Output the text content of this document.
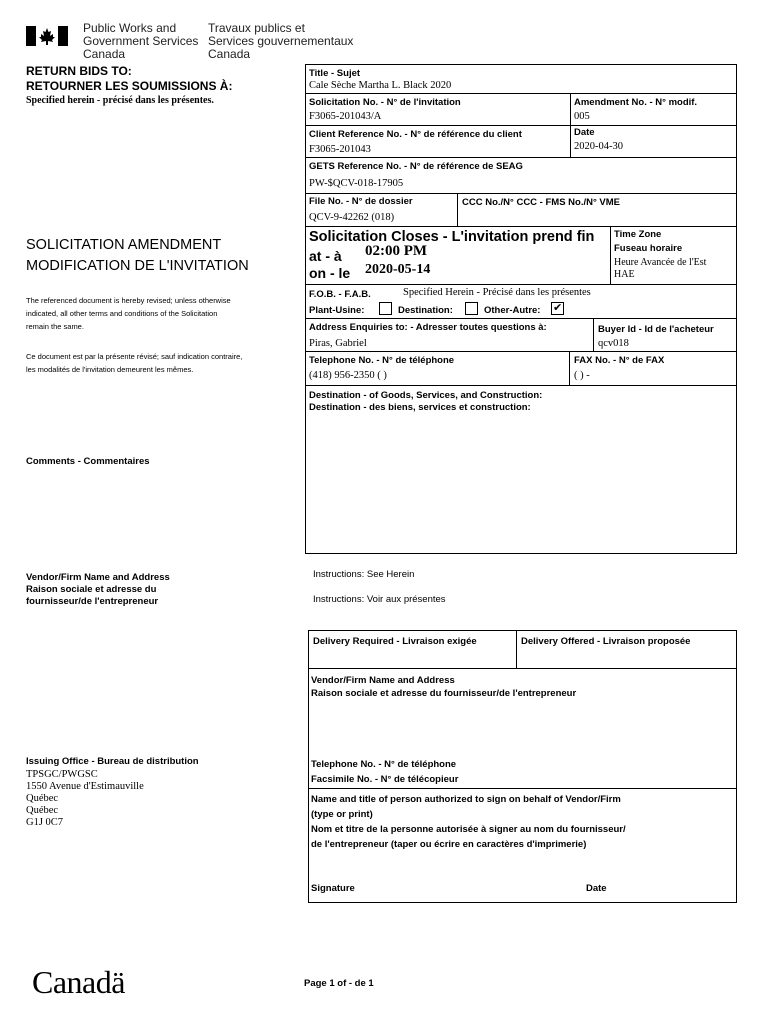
Public Works and
Government Services
Canada
Travaux publics et
Services gouvernementaux
Canada
RETURN BIDS TO:
RETOURNER LES SOUMISSIONS À:
Specified herein - précisé dans les présentes.
SOLICITATION AMENDMENT
MODIFICATION DE L'INVITATION
The referenced document is hereby revised; unless otherwise
indicated, all other terms and conditions of the Solicitation
remain the same.
Ce document est par la présente révisé; sauf indication contraire,
les modalités de l'invitation demeurent les mêmes.
Comments - Commentaires
Vendor/Firm Name and Address
Raison sociale et adresse du
fournisseur/de l'entrepreneur
Issuing Office - Bureau de distribution
TPSGC/PWGSC
1550 Avenue d'Estimauville
Québec
Québec
G1J 0C7
Canadä
Title - Sujet
Cale Sèche Martha L. Black 2020
Solicitation No. - N° de l'invitation
F3065-201043/A
Amendment No. - N° modif.
005
Client Reference No. - N° de référence du client
F3065-201043
Date
2020-04-30
GETS Reference No. - N° de référence de SEAG
PW-$QCV-018-17905
File No. - N° de dossier
QCV-9-42262 (018)
CCC No./N° CCC - FMS No./N° VME
Solicitation Closes - L'invitation prend fin
at - à 02:00 PM
on - le 2020-05-14
Time Zone
Fuseau horaire
Heure Avancée de l'Est
HAE
F.O.B. - F.A.B.	Specified Herein - Précisé dans les présentes
Plant-Usine:	Destination:	Other-Autre: ✔
Address Enquiries to: - Adresser toutes questions à:
Piras, Gabriel
Buyer Id - Id de l'acheteur
qcv018
Telephone No. - N° de téléphone
(418) 956-2350 ( )
FAX No. - N° de FAX
( ) -
Destination - of Goods, Services, and Construction:
Destination - des biens, services et construction:
Instructions: See Herein
Instructions: Voir aux présentes
Delivery Required - Livraison exigée	Delivery Offered - Livraison proposée
Vendor/Firm Name and Address
Raison sociale et adresse du fournisseur/de l'entrepreneur
Telephone No. - N° de téléphone
Facsimile No. - N° de télécopieur
Name and title of person authorized to sign on behalf of Vendor/Firm
(type or print)
Nom et titre de la personne autorisée à signer au nom du fournisseur/
de l'entrepreneur (taper ou écrire en caractères d'imprimerie)
Signature	Date
Page 1 of - de 1
